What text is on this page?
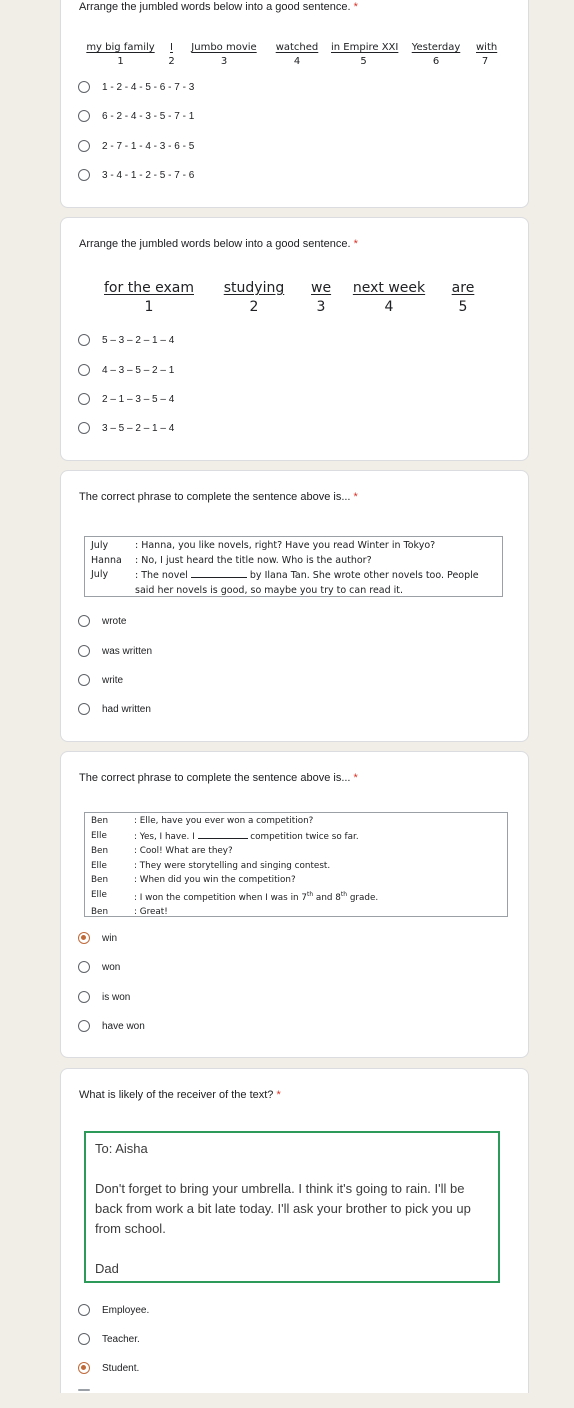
Arrange the jumbled words below into a good sentence. *
my big family
1
I
2
Jumbo movie
3
watched
4
in Empire XXI
5
Yesterday
6
with
7
1 - 2 - 4 - 5 - 6 - 7 - 3
6 - 2 - 4 - 3 - 5 - 7 - 1
2 - 7 - 1 - 4 - 3 - 6 - 5
3 - 4 - 1 - 2 - 5 - 7 - 6
Arrange the jumbled words below into a good sentence. *
for the exam
1
studying
2
we
3
next week
4
are
5
5 – 3 – 2 – 1 – 4
4 – 3 – 5 – 2 – 1
2 – 1 – 3 – 5 – 4
3 – 5 – 2 – 1 – 4
The correct phrase to complete the sentence above is... *
July	: Hanna, you like novels, right? Have you read Winter in Tokyo?
Hanna	: No, I just heard the title now. Who is the author?
July	: The novel	by Ilana Tan. She wrote other novels too. People
said her novels is good, so maybe you try to can read it.
wrote
was written
write
had written
The correct phrase to complete the sentence above is... *
Ben	: Elle, have you ever won a competition?
Elle	: Yes, I have. I	competition twice so far.
Ben	: Cool! What are they?
Elle	: They were storytelling and singing contest.
Ben	: When did you win the competition?
Elle	: I won the competition when I was in 7th and 8th grade.
Ben	: Great!
win
won
is won
have won
What is likely of the receiver of the text? *
To: Aisha
Don't forget to bring your umbrella. I think it's going to rain. I'll be back from work a bit late today. I'll ask your brother to pick you up from school.
Dad
Employee.
Teacher.
Student.
